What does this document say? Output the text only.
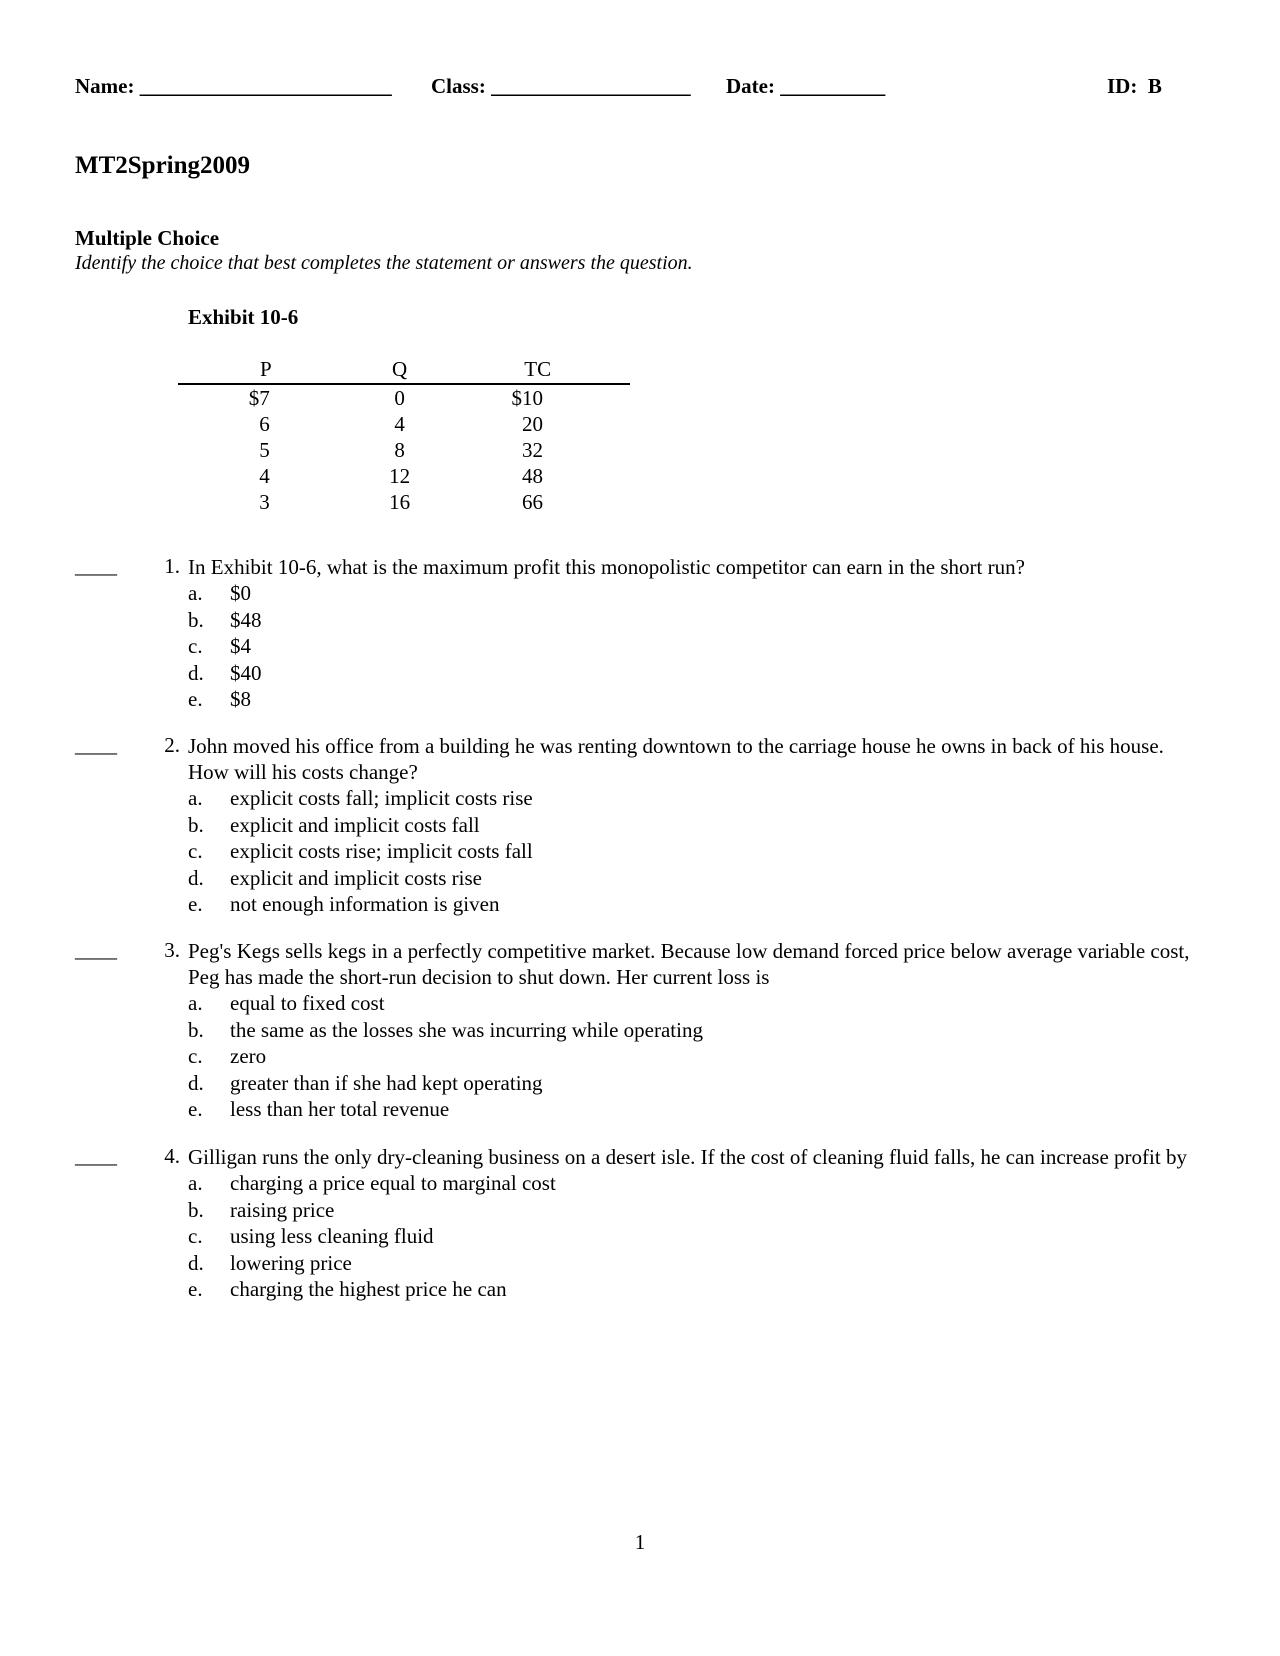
Name: ________________________ Class: ___________________ Date: __________	ID:  B
MT2Spring2009
Multiple Choice
Identify the choice that best completes the statement or answers the question.
Exhibit 10-6
P	Q	TC
$7	0	$10
6	4	20
5	8	32
4	12	48
3	16	66
____	1. In Exhibit 10-6, what is the maximum profit this monopolistic competitor can earn in the short run?
a. $0
b. $48
c. $4
d. $40
e. $8
____	2. John moved his office from a building he was renting downtown to the carriage house he owns in back of his house. How will his costs change?
a. explicit costs fall; implicit costs rise
b. explicit and implicit costs fall
c. explicit costs rise; implicit costs fall
d. explicit and implicit costs rise
e. not enough information is given
____	3. Peg's Kegs sells kegs in a perfectly competitive market. Because low demand forced price below average variable cost, Peg has made the short-run decision to shut down. Her current loss is
a. equal to fixed cost
b. the same as the losses she was incurring while operating
c. zero
d. greater than if she had kept operating
e. less than her total revenue
____	4. Gilligan runs the only dry-cleaning business on a desert isle. If the cost of cleaning fluid falls, he can increase profit by
a. charging a price equal to marginal cost
b. raising price
c. using less cleaning fluid
d. lowering price
e. charging the highest price he can
1
